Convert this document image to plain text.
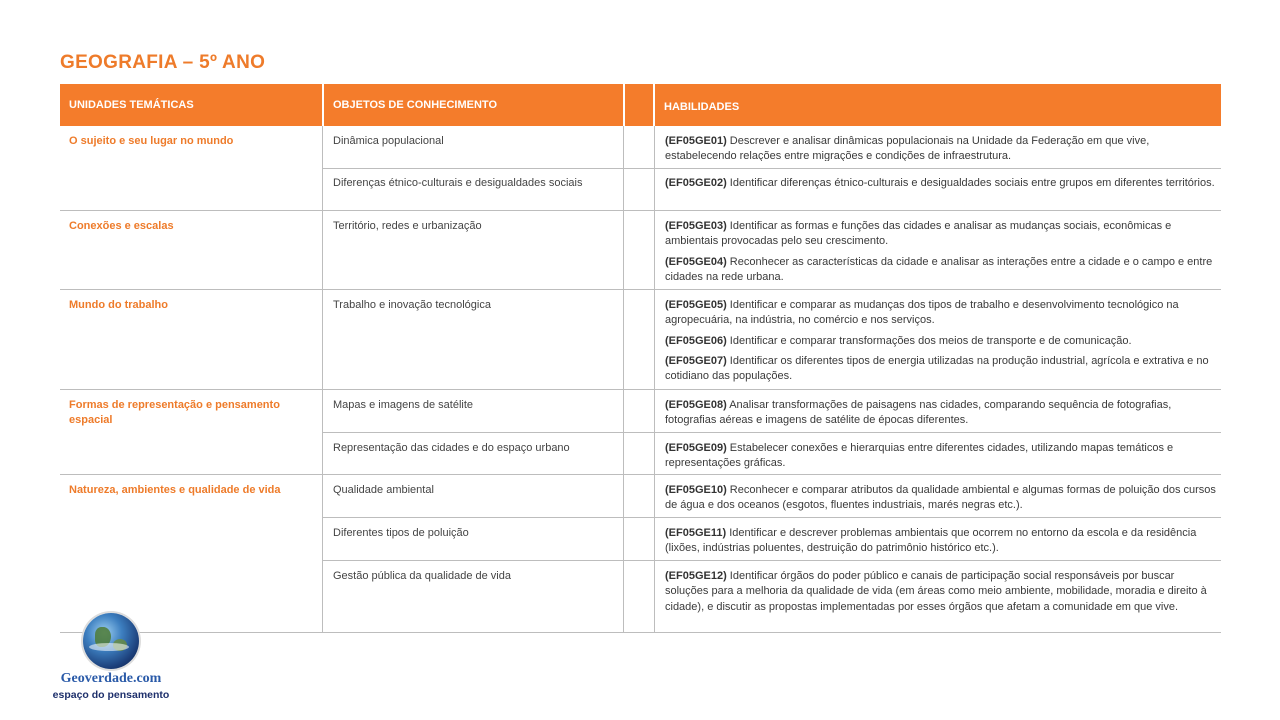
GEOGRAFIA – 5º ANO
UNIDADES TEMÁTICAS	OBJETOS DE CONHECIMENTO	HABILIDADES
O sujeito e seu lugar no mundo
Conexões e escalas
Mundo do trabalho
Formas de representação e pensamento espacial
Natureza, ambientes e qualidade de vida
Dinâmica populacional
Diferenças étnico-culturais e desigualdades sociais
Território, redes e urbanização
Trabalho e inovação tecnológica
Mapas e imagens de satélite
Representação das cidades e do espaço urbano
Qualidade ambiental
Diferentes tipos de poluição
Gestão pública da qualidade de vida
(EF05GE01) Descrever e analisar dinâmicas populacionais na Unidade da Federação em que vive, estabelecendo relações entre migrações e condições de infraestrutura.
(EF05GE02) Identificar diferenças étnico-culturais e desigualdades sociais entre grupos em diferentes territórios.
(EF05GE03) Identificar as formas e funções das cidades e analisar as mudanças sociais, econômicas e ambientais provocadas pelo seu crescimento.
(EF05GE04) Reconhecer as características da cidade e analisar as interações entre a cidade e o campo e entre cidades na rede urbana.
(EF05GE05) Identificar e comparar as mudanças dos tipos de trabalho e desenvolvimento tecnológico na agropecuária, na indústria, no comércio e nos serviços.
(EF05GE06) Identificar e comparar transformações dos meios de transporte e de comunicação.
(EF05GE07) Identificar os diferentes tipos de energia utilizadas na produção industrial, agrícola e extrativa e no cotidiano das populações.
(EF05GE08) Analisar transformações de paisagens nas cidades, comparando sequência de fotografias, fotografias aéreas e imagens de satélite de épocas diferentes.
(EF05GE09) Estabelecer conexões e hierarquias entre diferentes cidades, utilizando mapas temáticos e representações gráficas.
(EF05GE10) Reconhecer e comparar atributos da qualidade ambiental e algumas formas de poluição dos cursos de água e dos oceanos (esgotos, fluentes industriais, marés negras etc.).
(EF05GE11) Identificar e descrever problemas ambientais que ocorrem no entorno da escola e da residência (lixões, indústrias poluentes, destruição do patrimônio histórico etc.).
(EF05GE12) Identificar órgãos do poder público e canais de participação social responsáveis por buscar soluções para a melhoria da qualidade de vida (em áreas como meio ambiente, mobilidade, moradia e direito à cidade), e discutir as propostas implementadas por esses órgãos que afetam a comunidade em que vive.
Geoverdade.com
espaço do pensamento
